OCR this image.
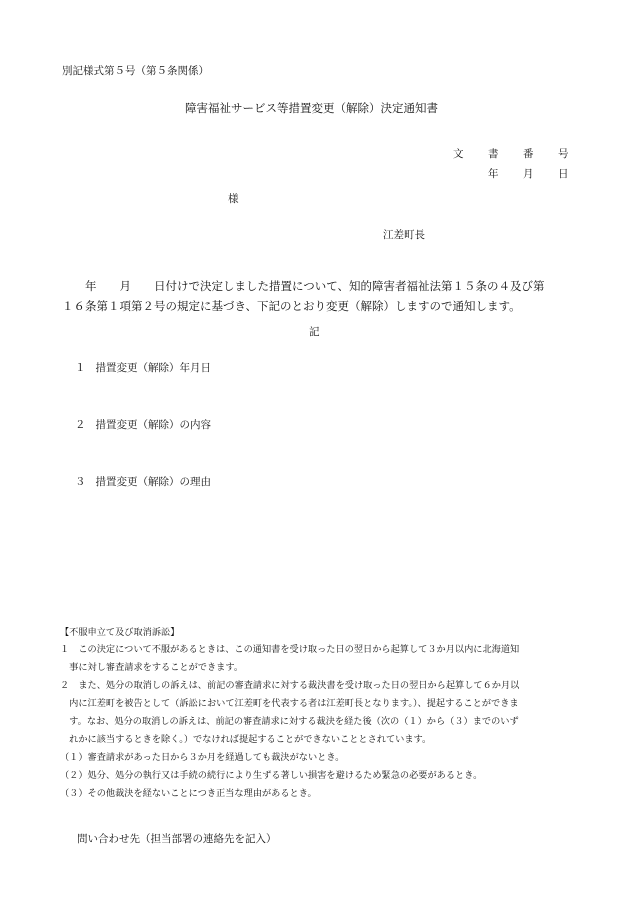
別記様式第５号（第５条関係）
障害福祉サービス等措置変更（解除）決定通知書
文 書 番 号
年 月 日
様
江差町長
　　年　　月　　日付けで決定しました措置について、知的障害者福祉法第１５条の４及び第
１６条第１項第２号の規定に基づき、下記のとおり変更（解除）しますので通知します。
記
１ 措置変更（解除）年月日
２ 措置変更（解除）の内容
３ 措置変更（解除）の理由
【不服申立て及び取消訴訟】
１　この決定について不服があるときは、この通知書を受け取った日の翌日から起算して３か月以内に北海道知
　事に対し審査請求をすることができます。
２　また、処分の取消しの訴えは、前記の審査請求に対する裁決書を受け取った日の翌日から起算して６か月以
　内に江差町を被告として（訴訟において江差町を代表する者は江差町長となります。）、提起することができま
　す。なお、処分の取消しの訴えは、前記の審査請求に対する裁決を経た後（次の（１）から（３）までのいず
　れかに該当するときを除く。）でなければ提起することができないこととされています。
（１）審査請求があった日から３か月を経過しても裁決がないとき。
（２）処分、処分の執行又は手続の続行により生ずる著しい損害を避けるため緊急の必要があるとき。
（３）その他裁決を経ないことにつき正当な理由があるとき。
問い合わせ先（担当部署の連絡先を記入）
